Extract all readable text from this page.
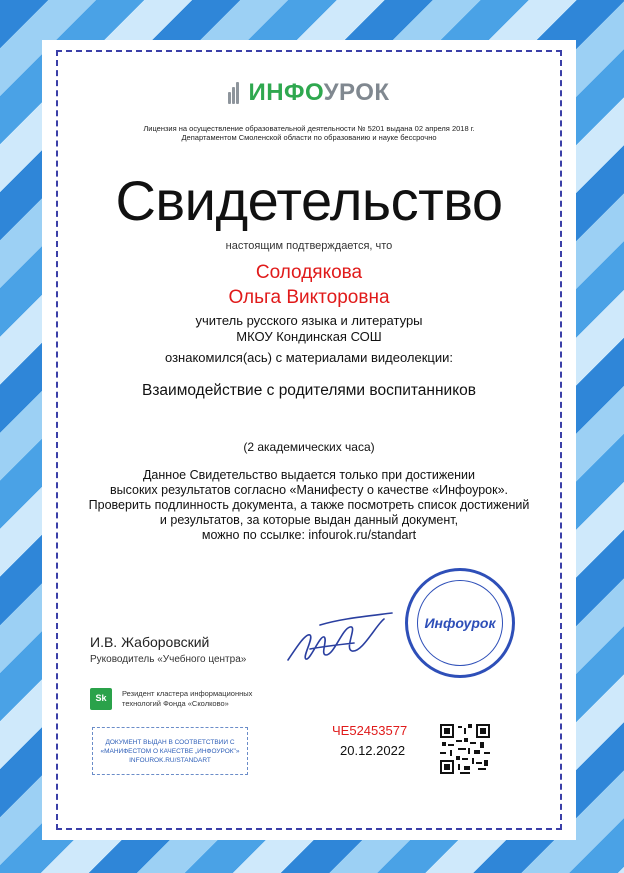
ИНФОУРОК
Лицензия на осуществление образовательной деятельности № 5201 выдана 02 апреля 2018 г.
Департаментом Смоленской области по образованию и науке бессрочно
Свидетельство
настоящим подтверждается, что
Солодякова
Ольга Викторовна
учитель русского языка и литературы
МКОУ Кондинская СОШ
ознакомился(ась) с материалами видеолекции:
Взаимодействие с родителями воспитанников
(2 академических часа)
Данное Свидетельство выдается только при достижении
высоких результатов согласно «Манифесту о качестве «Инфоурок».
Проверить подлинность документа, а также посмотреть список достижений
и результатов, за которые выдан данный документ,
можно по ссылке: infourok.ru/standart
Инфоурок
И.В. Жаборовский
Руководитель «Учебного центра»
Sk	Резидент кластера информационных
технологий Фонда «Сколково»
ДОКУМЕНТ ВЫДАН В СООТВЕТСТВИИ С
«МАНИФЕСТОМ О КАЧЕСТВЕ „ИНФОУРОК"»
INFOUROK.RU/STANDART
ЧЕ52453577
20.12.2022
